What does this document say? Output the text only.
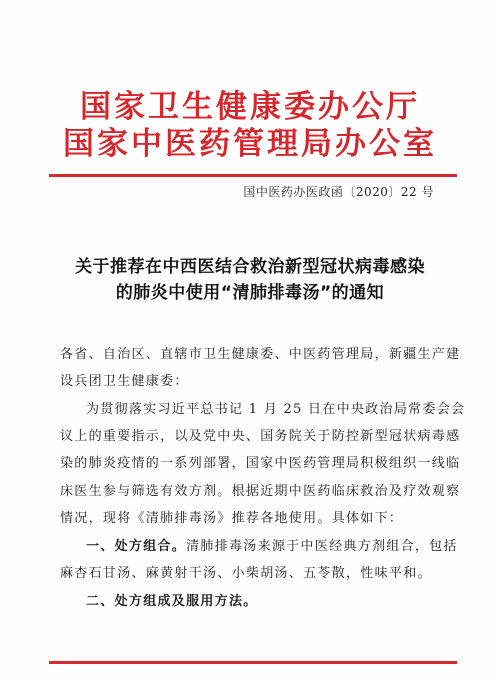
国家卫生健康委办公厅
国家中医药管理局办公室
国中医药办医政函〔2020〕22 号
关于推荐在中西医结合救治新型冠状病毒感染
的肺炎中使用“清肺排毒汤”的通知
各省、自治区、直辖市卫生健康委、中医药管理局，新疆生产建
设兵团卫生健康委：
为贯彻落实习近平总书记 1 月 25 日在中央政治局常委会会
议上的重要指示，以及党中央、国务院关于防控新型冠状病毒感
染的肺炎疫情的一系列部署，国家中医药管理局积极组织一线临
床医生参与筛选有效方剂。根据近期中医药临床救治及疗效观察
情况，现将《清肺排毒汤》推荐各地使用。具体如下：
一、处方组合。清肺排毒汤来源于中医经典方剂组合，包括
麻杏石甘汤、麻黄射干汤、小柴胡汤、五苓散，性味平和。
二、处方组成及服用方法。
